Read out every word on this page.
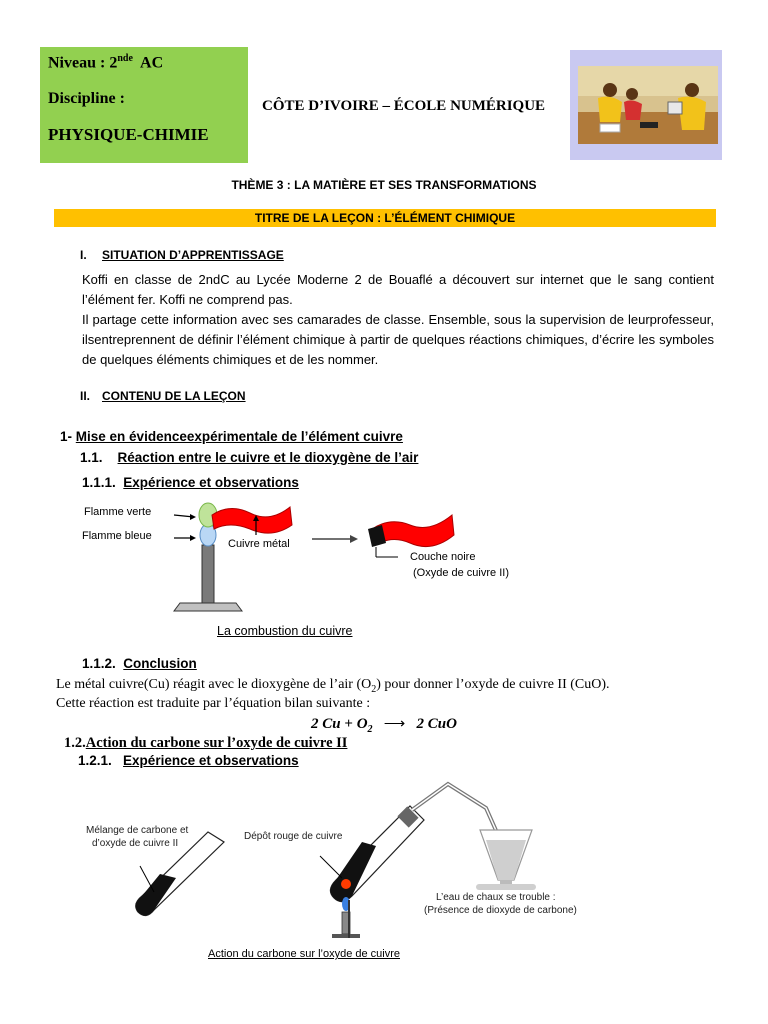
Niveau : 2nde AC
Discipline :
PHYSIQUE-CHIMIE
CÔTE D’IVOIRE – ÉCOLE NUMÉRIQUE
THÈME 3 : LA MATIÈRE ET SES TRANSFORMATIONS
TITRE DE LA LEÇON : L’ÉLÉMENT CHIMIQUE
I. SITUATION D’APPRENTISSAGE
Koffi en classe de 2ndC au Lycée Moderne 2 de Bouaflé a découvert sur internet que le sang contient l’élément fer. Koffi ne comprend pas.
Il partage cette information avec ses camarades de classe. Ensemble, sous la supervision de leurprofesseur, ilsentreprennent de définir l’élément chimique à partir de quelques réactions chimiques, d’écrire les symboles de quelques éléments chimiques et de les nommer.
II. CONTENU DE LA LEÇON
1- Mise en évidenceexpérimentale de l’élément cuivre
1.1. Réaction entre le cuivre et le dioxygène de l’air
1.1.1. Expérience et observations
Flamme verte
Flamme bleue
Cuivre métal
Couche noire
(Oxyde de cuivre II)
La combustion du cuivre
1.1.2. Conclusion
Le métal cuivre(Cu) réagit avec le dioxygène de l’air $(O_2)$ pour donner l’oxyde de cuivre II (CuO).
Cette réaction est traduite par l’équation bilan suivante :
2 $Cu + O_2$ ⟶ 2 CuO
1.2.Action du carbone sur l’oxyde de cuivre II
1.2.1. Expérience et observations
Mélange de carbone et
d’oxyde de cuivre II
Dépôt rouge de cuivre
L’eau de chaux se trouble :
(Présence de dioxyde de carbone)
Action du carbone sur l’oxyde de cuivre
